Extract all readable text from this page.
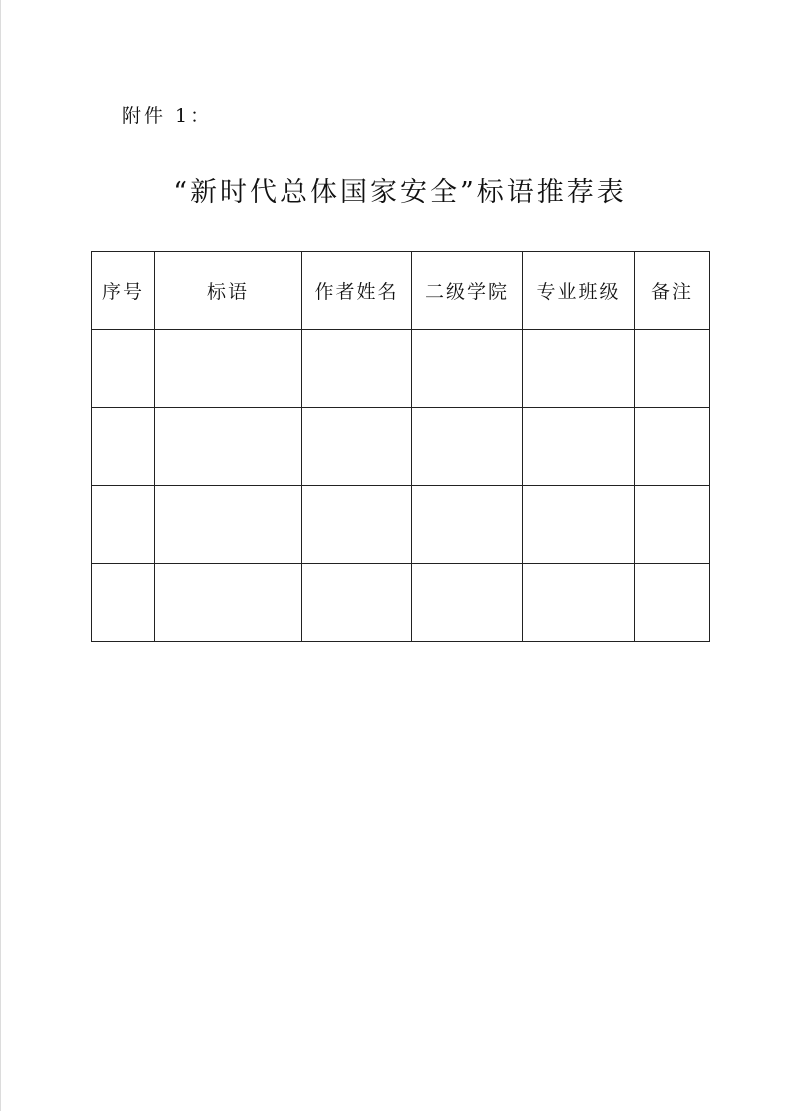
附件 1：
“新时代总体国家安全”标语推荐表
序号	标语	作者姓名	二级学院	专业班级	备注
